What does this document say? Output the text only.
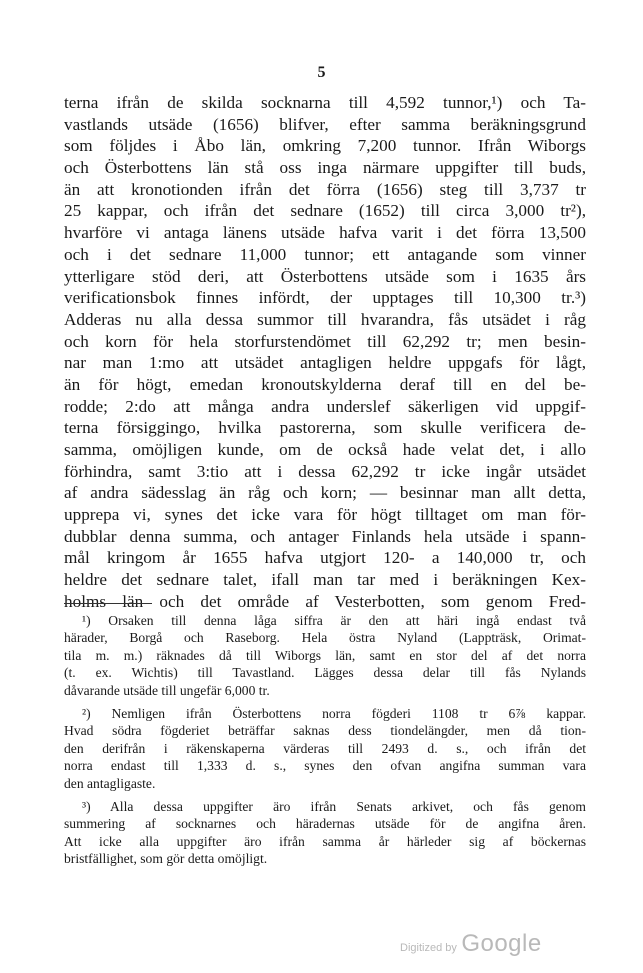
5
terna ifrån de skilda socknarna till 4,592 tunnor,¹) och Ta-
vastlands utsäde (1656) blifver, efter samma beräkningsgrund
som följdes i Åbo län, omkring 7,200 tunnor. Ifrån Wiborgs
och Österbottens län stå oss inga närmare uppgifter till buds,
än att kronotionden ifrån det förra (1656) steg till 3,737 tr
25 kappar, och ifrån det sednare (1652) till circa 3,000 tr²),
hvarföre vi antaga länens utsäde hafva varit i det förra 13,500
och i det sednare 11,000 tunnor; ett antagande som vinner
ytterligare stöd deri, att Österbottens utsäde som i 1635 års
verificationsbok finnes infördt, der upptages till 10,300 tr.³)
Adderas nu alla dessa summor till hvarandra, fås utsädet i råg
och korn för hela storfurstendömet till 62,292 tr; men besin-
nar man 1:mo att utsädet antagligen heldre uppgafs för lågt,
än för högt, emedan kronoutskylderna deraf till en del be-
rodde; 2:do att många andra underslef säkerligen vid uppgif-
terna försiggingo, hvilka pastorerna, som skulle verificera de-
samma, omöjligen kunde, om de också hade velat det, i allo
förhindra, samt 3:tio att i dessa 62,292 tr icke ingår utsädet
af andra sädesslag än råg och korn; — besinnar man allt detta,
upprepa vi, synes det icke vara för högt tilltaget om man för-
dubblar denna summa, och antager Finlands hela utsäde i spann-
mål kringom år 1655 hafva utgjort 120- a 140,000 tr, och
heldre det sednare talet, ifall man tar med i beräkningen Kex-
holms län och det område af Vesterbotten, som genom Fred-
¹) Orsaken till denna låga siffra är den att häri ingå endast två
härader, Borgå och Raseborg. Hela östra Nyland (Lappträsk, Orimat-
tila m. m.) räknades då till Wiborgs län, samt en stor del af det norra
(t. ex. Wichtis) till Tavastland. Lägges dessa delar till fås Nylands
dåvarande utsäde till ungefär 6,000 tr.
²) Nemligen ifrån Österbottens norra fögderi 1108 tr 6⅞ kappar.
Hvad södra fögderiet beträffar saknas dess tiondelängder, men då tion-
den derifrån i räkenskaperna värderas till 2493 d. s., och ifrån det
norra endast till 1,333 d. s., synes den ofvan angifna summan vara
den antagligaste.
³) Alla dessa uppgifter äro ifrån Senats arkivet, och fås genom
summering af socknarnes och häradernas utsäde för de angifna åren.
Att icke alla uppgifter äro ifrån samma år härleder sig af böckernas
bristfällighet, som gör detta omöjligt.
Digitized by Google
